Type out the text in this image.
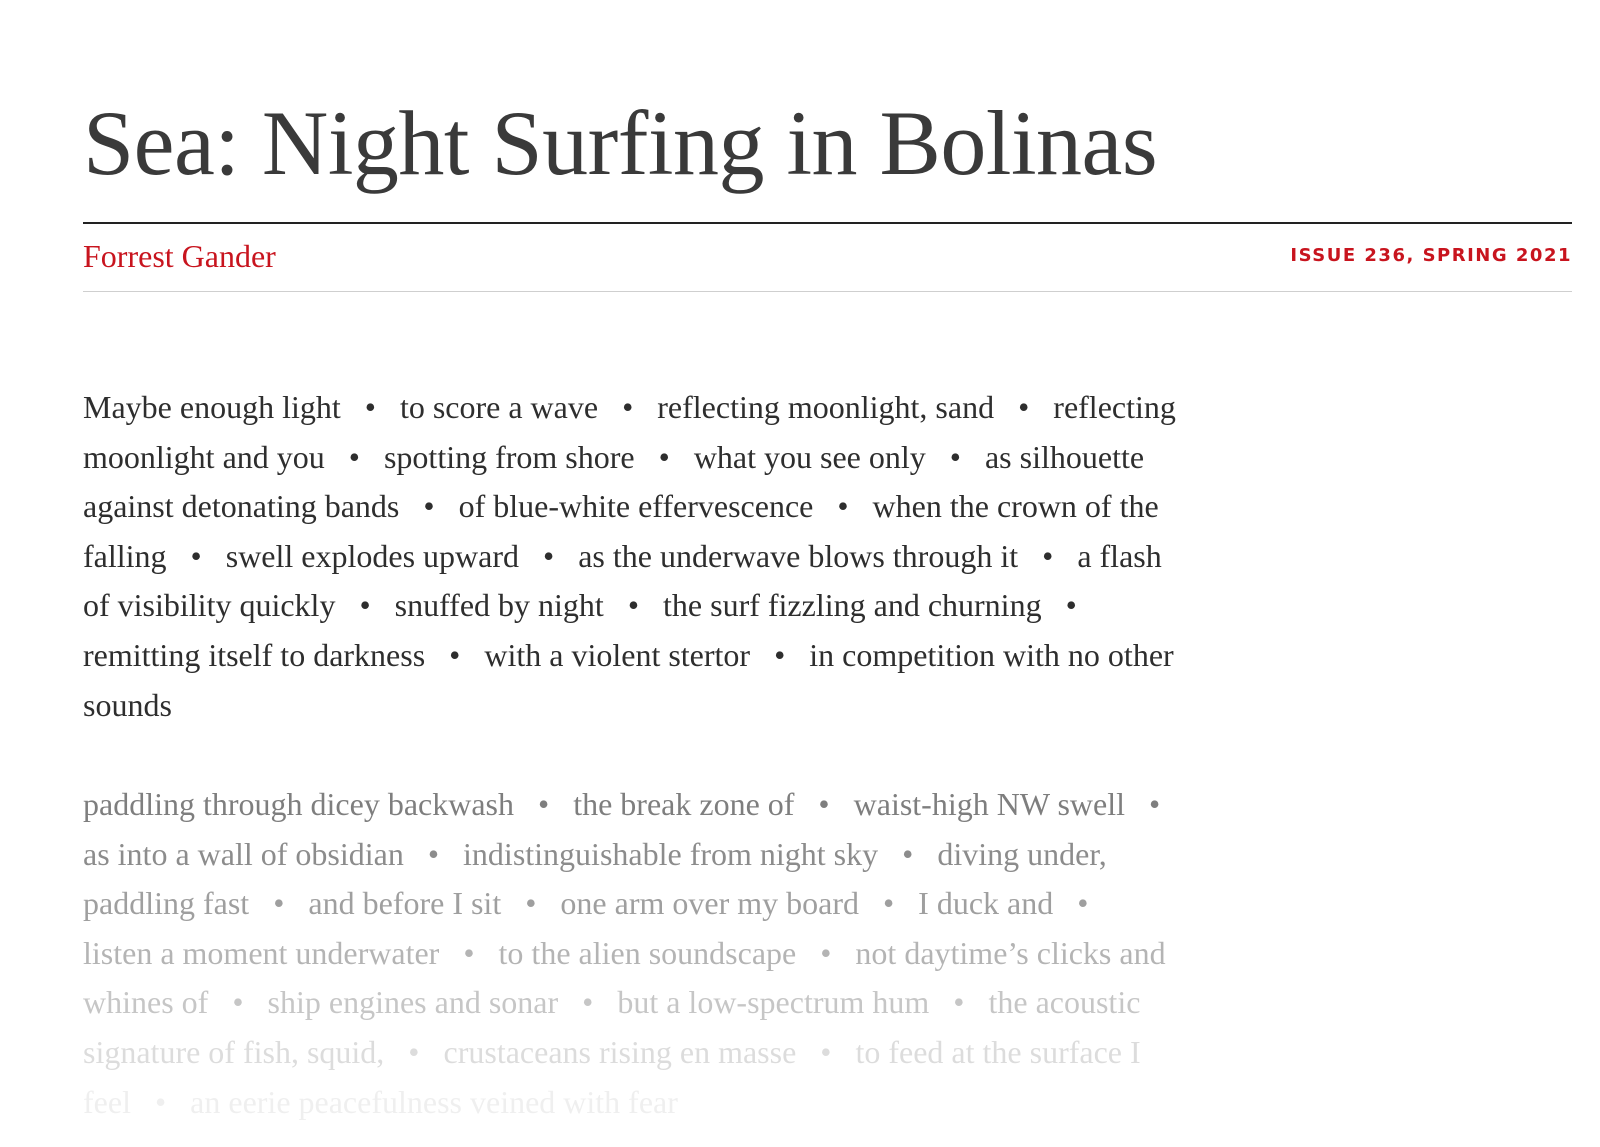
Sea: Night Surfing in Bolinas
Forrest Gander	ISSUE 236, SPRING 2021
Maybe enough light   •   to score a wave   •   reflecting moonlight, sand   •   reflecting
moonlight and you   •   spotting from shore   •   what you see only   •   as silhouette
against detonating bands   •   of blue-white effervescence   •   when the crown of the
falling   •   swell explodes upward   •   as the underwave blows through it   •   a flash
of visibility quickly   •   snuffed by night   •   the surf fizzling and churning   •
remitting itself to darkness   •   with a violent stertor   •   in competition with no other
sounds
paddling through dicey backwash   •   the break zone of   •   waist-high NW swell   •
as into a wall of obsidian   •   indistinguishable from night sky   •   diving under,
paddling fast   •   and before I sit   •   one arm over my board   •   I duck and   •
listen a moment underwater   •   to the alien soundscape   •   not daytime’s clicks and
whines of   •   ship engines and sonar   •   but a low-spectrum hum   •   the acoustic
signature of fish, squid,   •   crustaceans rising en masse   •   to feed at the surface I
feel   •   an eerie peacefulness veined with fear
